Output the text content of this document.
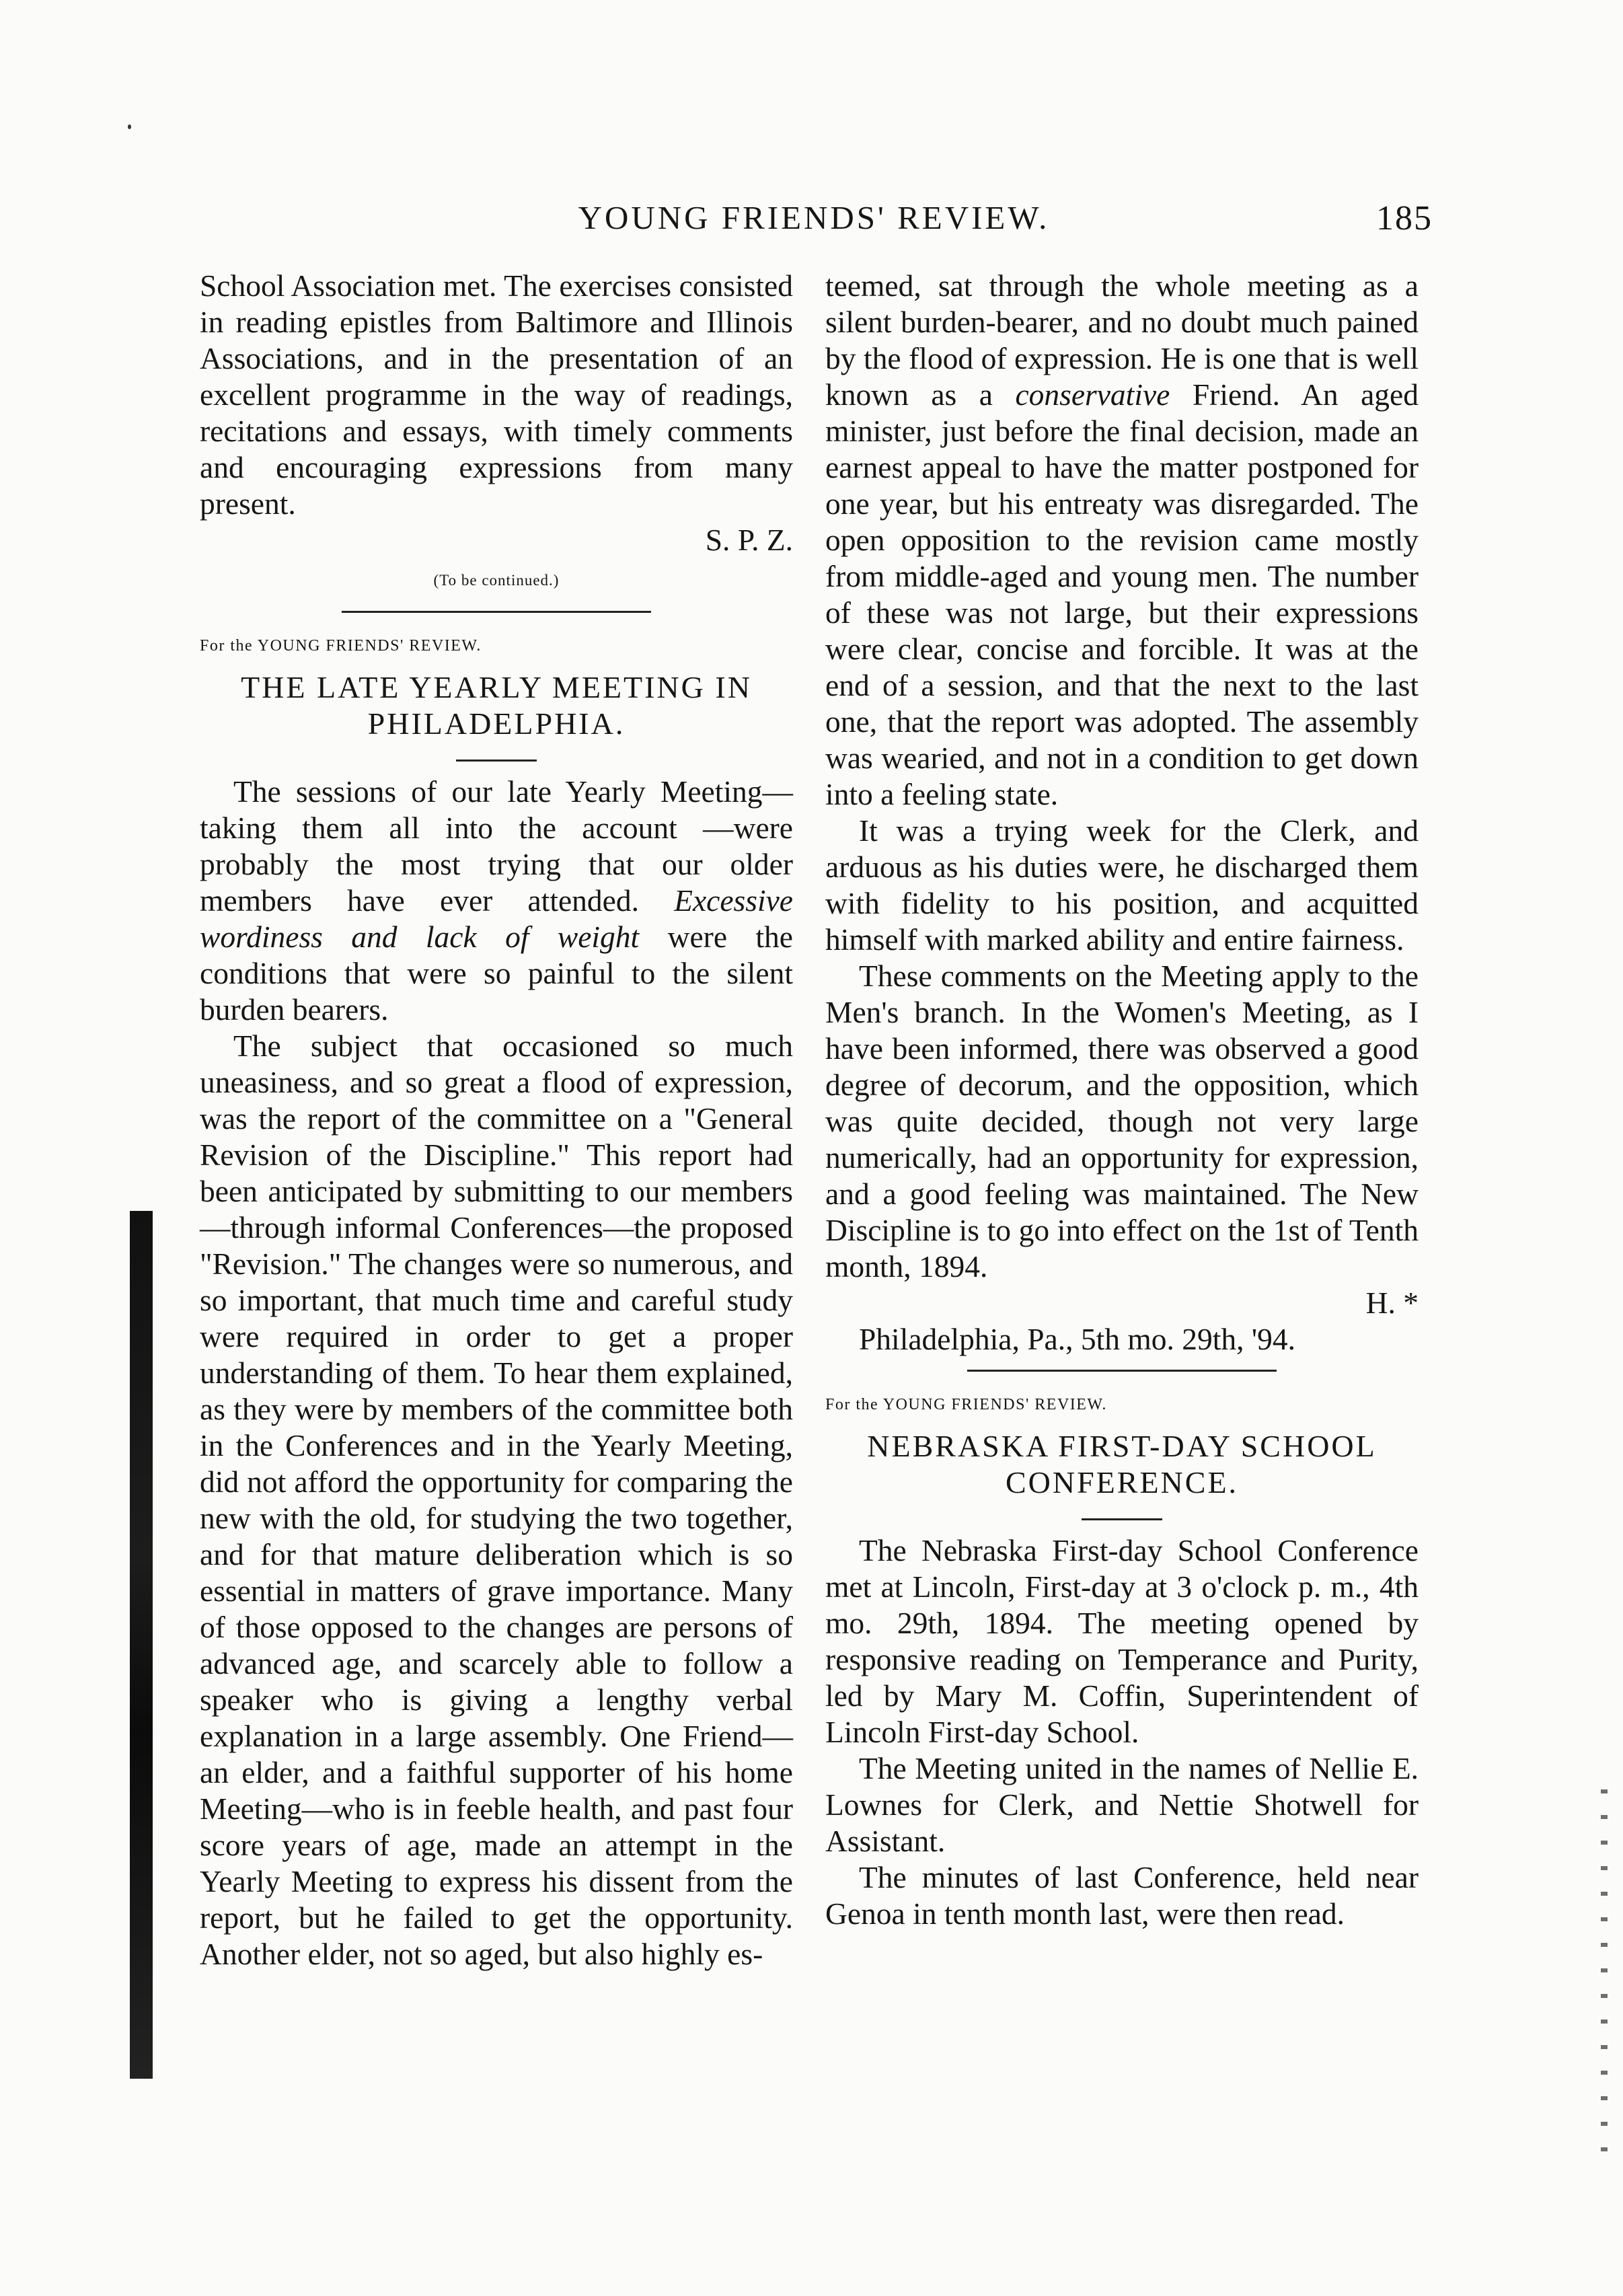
YOUNG FRIENDS' REVIEW.	185

School Association met. The exercises consisted in reading epistles from Baltimore and Illinois Associations, and in the presentation of an excellent programme in the way of readings, recitations and essays, with timely comments and encouraging expressions from many present.

S. P. Z.

(To be continued.)

For the YOUNG FRIENDS' REVIEW.

THE LATE YEARLY MEETING IN PHILADELPHIA.

The sessions of our late Yearly Meeting—taking them all into the account —were probably the most trying that our older members have ever attended. Excessive wordiness and lack of weight were the conditions that were so painful to the silent burden bearers.

The subject that occasioned so much uneasiness, and so great a flood of expression, was the report of the committee on a "General Revision of the Discipline." This report had been anticipated by submitting to our members —through informal Conferences—the proposed "Revision." The changes were so numerous, and so important, that much time and careful study were required in order to get a proper understanding of them. To hear them explained, as they were by members of the committee both in the Conferences and in the Yearly Meeting, did not afford the opportunity for comparing the new with the old, for studying the two together, and for that mature deliberation which is so essential in matters of grave importance. Many of those opposed to the changes are persons of advanced age, and scarcely able to follow a speaker who is giving a lengthy verbal explanation in a large assembly. One Friend—an elder, and a faithful supporter of his home Meeting—who is in feeble health, and past four score years of age, made an attempt in the Yearly Meeting to express his dissent from the report, but he failed to get the opportunity. Another elder, not so aged, but also highly es-

teemed, sat through the whole meeting as a silent burden-bearer, and no doubt much pained by the flood of expression. He is one that is well known as a conservative Friend. An aged minister, just before the final decision, made an earnest appeal to have the matter postponed for one year, but his entreaty was disregarded. The open opposition to the revision came mostly from middle-aged and young men. The number of these was not large, but their expressions were clear, concise and forcible. It was at the end of a session, and that the next to the last one, that the report was adopted. The assembly was wearied, and not in a condition to get down into a feeling state.

It was a trying week for the Clerk, and arduous as his duties were, he discharged them with fidelity to his position, and acquitted himself with marked ability and entire fairness.

These comments on the Meeting apply to the Men's branch. In the Women's Meeting, as I have been informed, there was observed a good degree of decorum, and the opposition, which was quite decided, though not very large numerically, had an opportunity for expression, and a good feeling was maintained. The New Discipline is to go into effect on the 1st of Tenth month, 1894.

H. *

Philadelphia, Pa., 5th mo. 29th, '94.

For the YOUNG FRIENDS' REVIEW.

NEBRASKA FIRST-DAY SCHOOL CONFERENCE.

The Nebraska First-day School Conference met at Lincoln, First-day at 3 o'clock p. m., 4th mo. 29th, 1894. The meeting opened by responsive reading on Temperance and Purity, led by Mary M. Coffin, Superintendent of Lincoln First-day School.

The Meeting united in the names of Nellie E. Lownes for Clerk, and Nettie Shotwell for Assistant.

The minutes of last Conference, held near Genoa in tenth month last, were then read.
